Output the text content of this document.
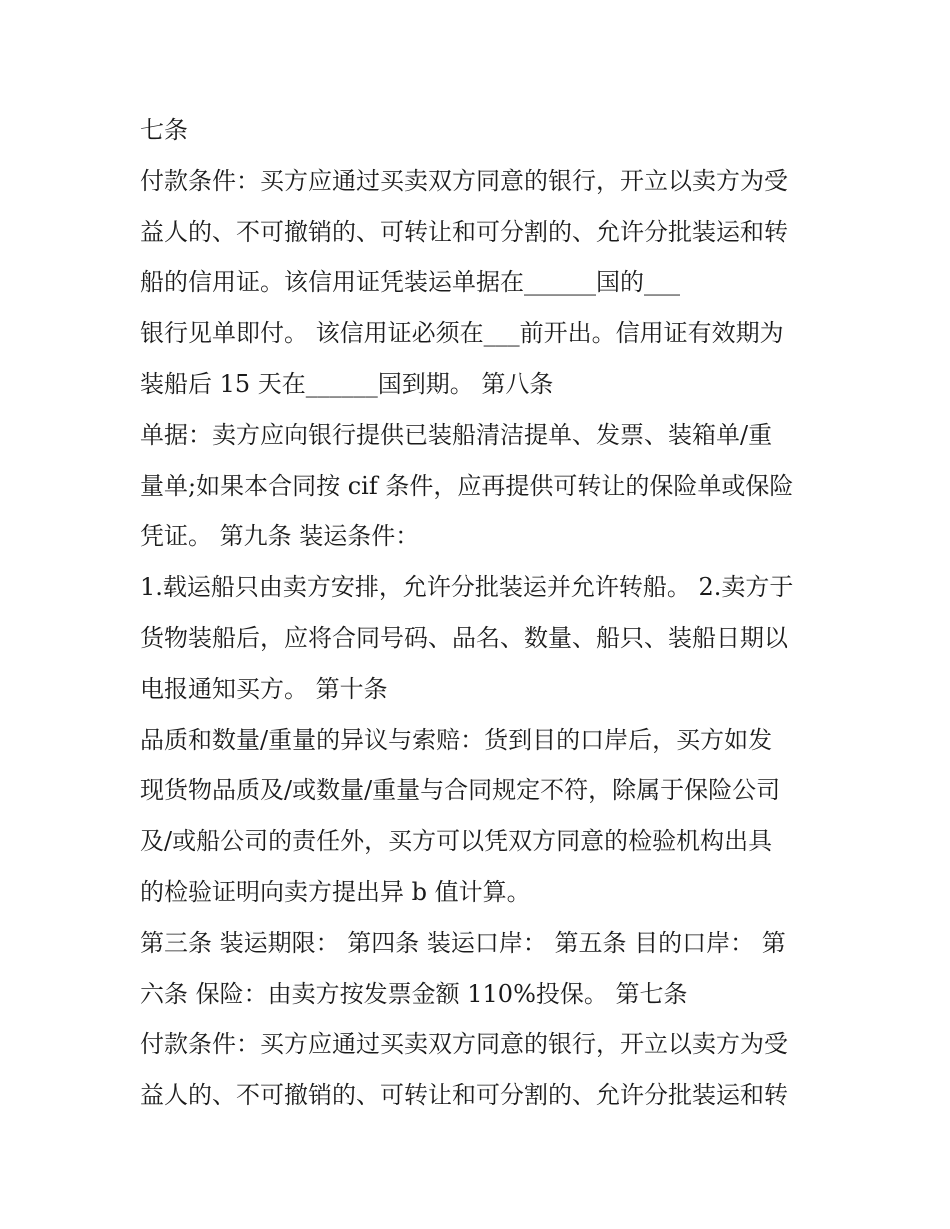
七条
付款条件：买方应通过买卖双方同意的银行，开立以卖方为受
益人的、不可撤销的、可转让和可分割的、允许分批装运和转
船的信用证。该信用证凭装运单据在______国的___
银行见单即付。 该信用证必须在___前开出。信用证有效期为
装船后 15 天在______国到期。 第八条
单据：卖方应向银行提供已装船清洁提单、发票、装箱单/重
量单;如果本合同按 cif 条件，应再提供可转让的保险单或保险
凭证。 第九条 装运条件：
1.载运船只由卖方安排，允许分批装运并允许转船。 2.卖方于
货物装船后，应将合同号码、品名、数量、船只、装船日期以
电报通知买方。 第十条
品质和数量/重量的异议与索赔：货到目的口岸后，买方如发
现货物品质及/或数量/重量与合同规定不符，除属于保险公司
及/或船公司的责任外，买方可以凭双方同意的检验机构出具
的检验证明向卖方提出异 b 值计算。
第三条 装运期限： 第四条 装运口岸： 第五条 目的口岸： 第
六条 保险：由卖方按发票金额 110%投保。 第七条
付款条件：买方应通过买卖双方同意的银行，开立以卖方为受
益人的、不可撤销的、可转让和可分割的、允许分批装运和转
